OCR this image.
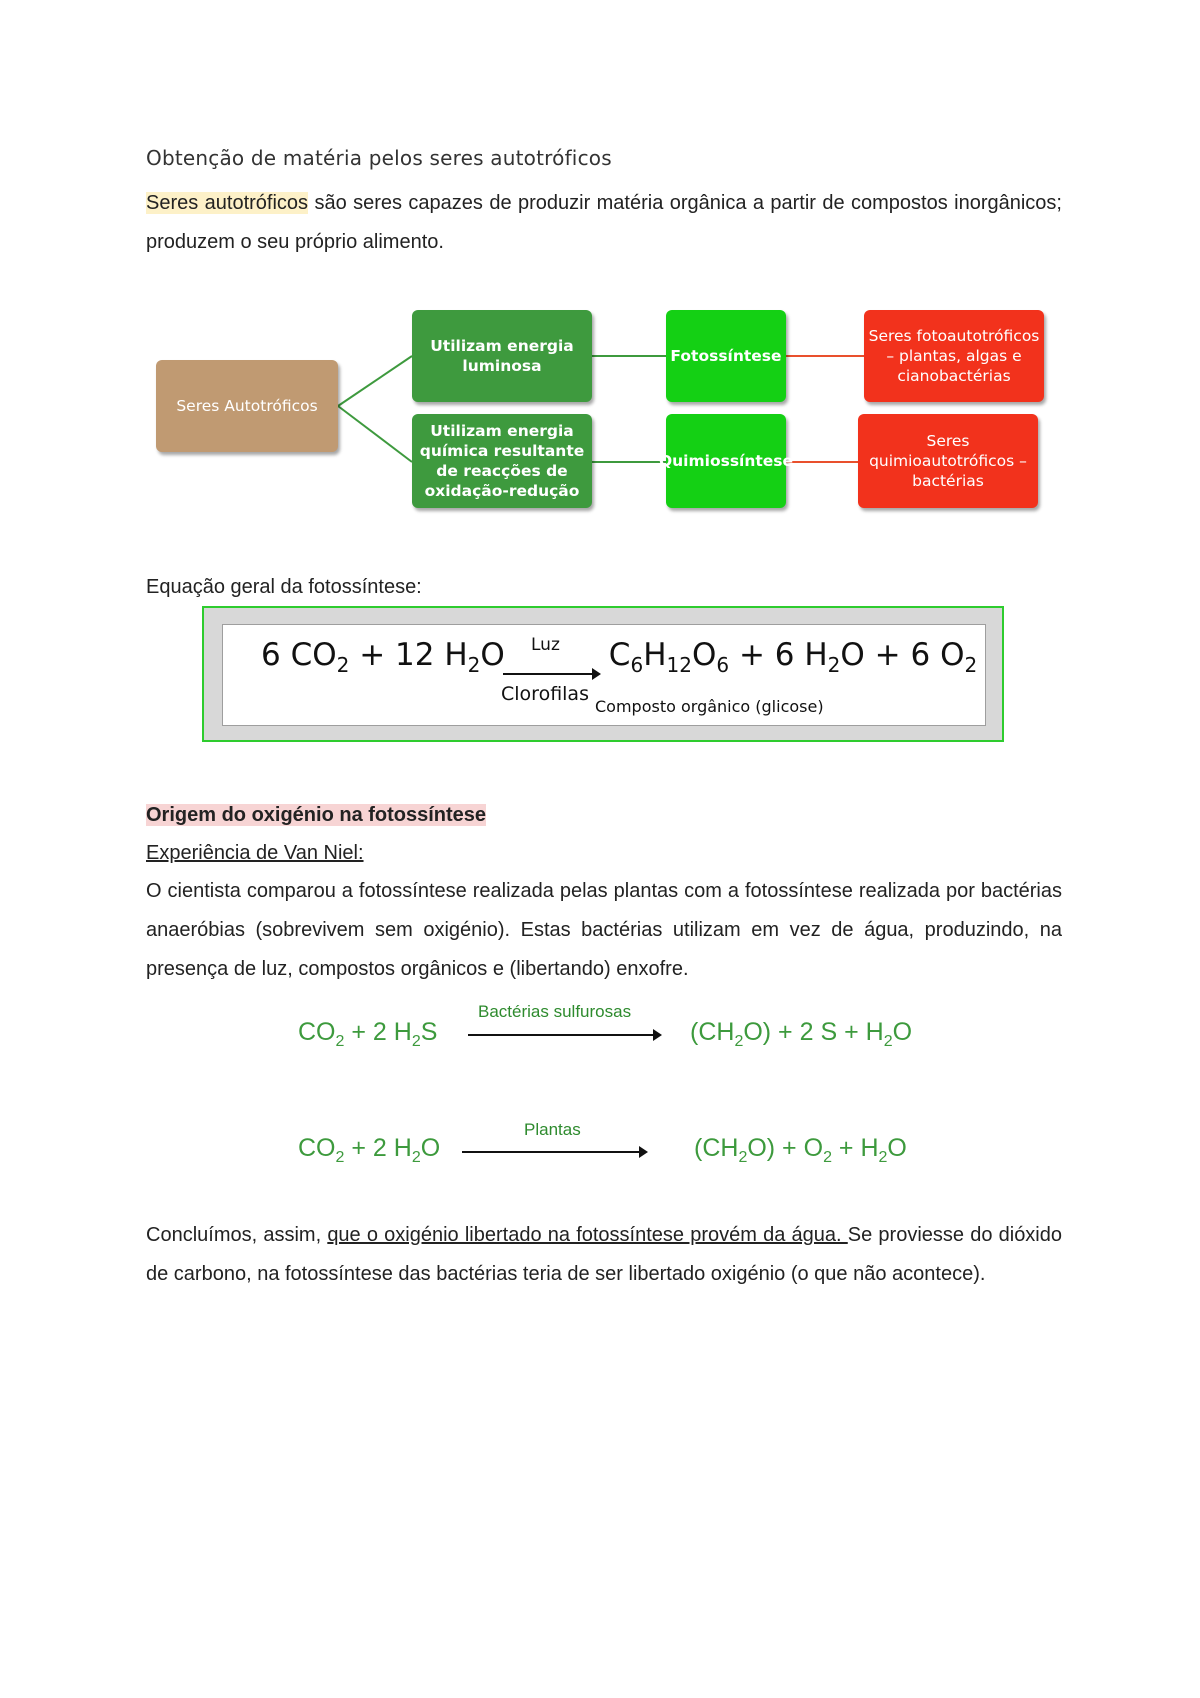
Obtenção de matéria pelos seres autotróficos
Seres autotróficos são seres capazes de produzir matéria orgânica a partir de compostos inorgânicos; produzem o seu próprio alimento.
Seres Autotróficos
Utilizam energia luminosa
Utilizam energia química resultante de reacções de oxidação-redução
Fotossíntese
Quimiossíntese
Seres fotoautotróficos – plantas, algas e cianobactérias
Seres quimioautotróficos – bactérias
Equação geral da fotossíntese:
6 $CO_2 + 12$ $H_2O$	$C_6H_{12}O_6 + 6$ $H_2O + 6$ $O_2$
Luz
Clorofilas
Composto orgânico (glicose)
Origem do oxigénio na fotossíntese
Experiência de Van Niel:
O cientista comparou a fotossíntese realizada pelas plantas com a fotossíntese realizada por bactérias anaeróbias (sobrevivem sem oxigénio). Estas bactérias utilizam em vez de água, produzindo, na presença de luz, compostos orgânicos e (libertando) enxofre.
$CO_2 + 2$ $H_2S$
Bactérias sulfurosas
$(CH_2O) + 2$ $S + H_2O$
$CO_2 + 2$ $H_2O$
Plantas
$(CH_2O) + O_2 + H_2O$
Concluímos, assim, que o oxigénio libertado na fotossíntese provém da água. Se proviesse do dióxido de carbono, na fotossíntese das bactérias teria de ser libertado oxigénio (o que não acontece).
